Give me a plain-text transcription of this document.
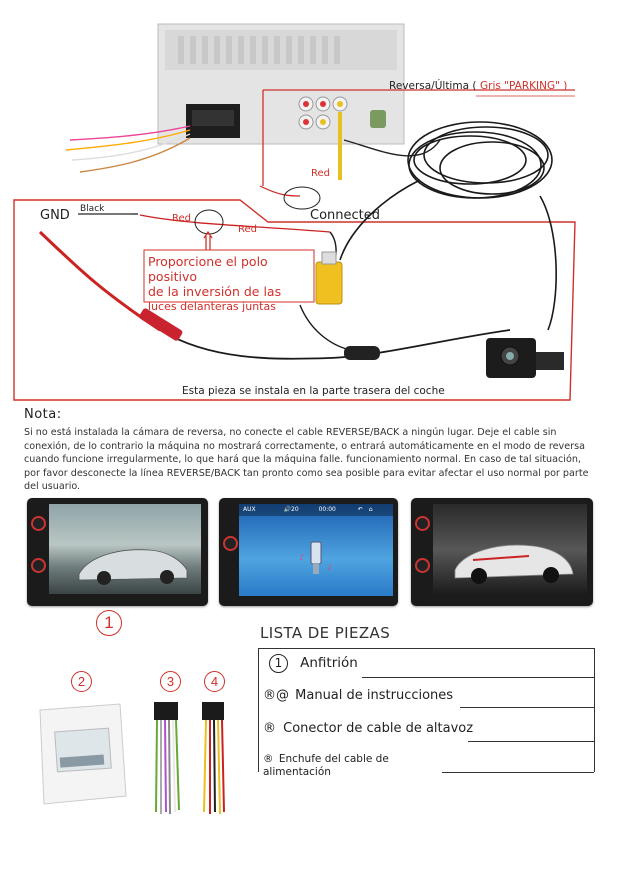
Reversa/Última ( Gris "PARKING" )
Red
Connected
GND Black
Red
Red
Proporcione el polo positivo
de la inversión de las
luces delanteras juntas
Esta pieza se instala en la parte trasera del coche
Nota:
Si no está instalada la cámara de reversa, no conecte el cable REVERSE/BACK a ningún lugar. Deje el cable sin conexión, de lo contrario la máquina no mostrará correctamente, o entrará automáticamente en el modo de reversa cuando funcione irregularmente, lo que hará que la máquina falle. funcionamiento normal. En caso de tal situación, por favor desconecte la línea REVERSE/BACK tan pronto como sea posible para evitar afectar el uso normal por parte del usuario.
AUX	🔊20	00:00	↶ ⌂
♪
♪
1
LISTA DE PIEZAS
2	3	4
1 Anfitrión
®@ Manual de instrucciones
® Conector de cable de altavoz
® Enchufe del cable de
alimentación
